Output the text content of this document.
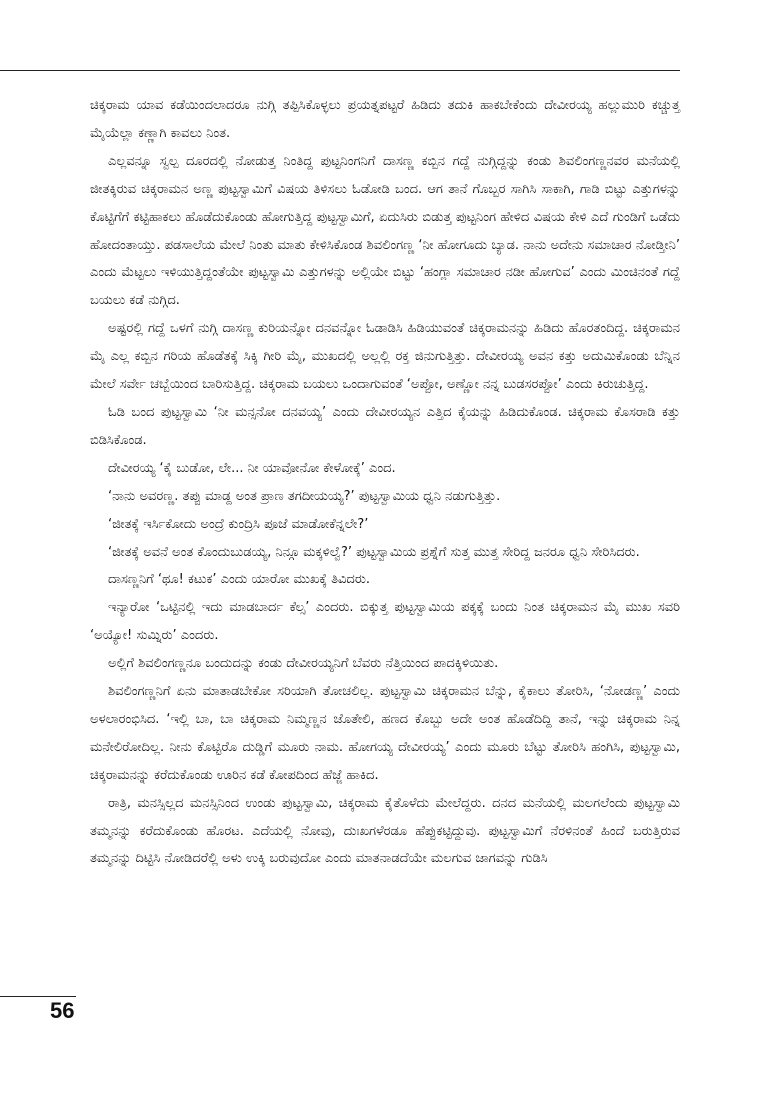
ಚಿಕ್ಕರಾಮ ಯಾವ ಕಡೆಯಿಂದಲಾದರೂ ನುಗ್ಗಿ ತಪ್ಪಿಸಿಕೊಳ್ಳಲು ಪ್ರಯತ್ನಪಟ್ಟರೆ ಹಿಡಿದು ತದುಕಿ ಹಾಕಬೇಕೆಂದು ದೇವೀರಯ್ಯ ಹಲ್ಲುಮುರಿ ಕಚ್ಚುತ್ತ ಮೈಯೆಲ್ಲಾ ಕಣ್ಣಾಗಿ ಕಾವಲು ನಿಂತ.

ಎಲ್ಲವನ್ನೂ ಸ್ವಲ್ಪ ದೂರದಲ್ಲಿ ನೋಡುತ್ತ ನಿಂತಿದ್ದ ಪುಟ್ಟನಿಂಗನಿಗೆ ದಾಸಣ್ಣ ಕಬ್ಬಿನ ಗದ್ದೆ ನುಗ್ಗಿದ್ದನ್ನು ಕಂಡು ಶಿವಲಿಂಗಣ್ಣನವರ ಮನೆಯಲ್ಲಿ ಜೀತಕ್ಕಿರುವ ಚಿಕ್ಕರಾಮನ ಅಣ್ಣ ಪುಟ್ಟಸ್ವಾಮಿಗೆ ವಿಷಯ ತಿಳಿಸಲು ಓಡೋಡಿ ಬಂದ. ಆಗ ತಾನೆ ಗೊಬ್ಬರ ಸಾಗಿಸಿ ಸಾಕಾಗಿ, ಗಾಡಿ ಬಿಟ್ಟು ಎತ್ತುಗಳನ್ನು ಕೊಟ್ಟಿಗೆಗೆ ಕಟ್ಟಿಹಾಕಲು ಹೊಡೆದುಕೊಂಡು ಹೋಗುತ್ತಿದ್ದ ಪುಟ್ಟಸ್ವಾಮಿಗೆ, ಏದುಸಿರು ಬಿಡುತ್ತ ಪುಟ್ಟನಿಂಗ ಹೇಳಿದ ವಿಷಯ ಕೇಳಿ ಎದೆ ಗುಂಡಿಗೆ ಒಡೆದು ಹೋದಂತಾಯ್ತು. ಪಡಸಾಲೆಯ ಮೇಲೆ ನಿಂತು ಮಾತು ಕೇಳಿಸಿಕೊಂಡ ಶಿವಲಿಂಗಣ್ಣ ‘ನೀ ಹೋಗೂದು ಬ್ಯಾಡ. ನಾನು ಅದೇನು ಸಮಾಚಾರ ನೋಡ್ತೀನಿ’ ಎಂದು ಮೆಟ್ಟಲು ಇಳಿಯುತ್ತಿದ್ದಂತೆಯೇ ಪುಟ್ಟಸ್ವಾಮಿ ಎತ್ತುಗಳನ್ನು ಅಲ್ಲಿಯೇ ಬಿಟ್ಟು ‘ಹಂಗ್ಲಾ ಸಮಾಚಾರ ನಡೀ ಹೋಗುವ’ ಎಂದು ಮಿಂಚಿನಂತೆ ಗದ್ದೆ ಬಯಲು ಕಡೆ ನುಗ್ಗಿದ.

ಅಷ್ಟರಲ್ಲಿ ಗದ್ದೆ ಒಳಗೆ ನುಗ್ಗಿ ದಾಸಣ್ಣ ಕುರಿಯನ್ನೋ ದನವನ್ನೋ ಓಡಾಡಿಸಿ ಹಿಡಿಯುವಂತೆ ಚಿಕ್ಕರಾಮನನ್ನು ಹಿಡಿದು ಹೊರತಂದಿದ್ದ. ಚಿಕ್ಕರಾಮನ ಮೈ ಎಲ್ಲ ಕಬ್ಬಿನ ಗರಿಯ ಹೊಡೆತಕ್ಕೆ ಸಿಕ್ಕಿ ಗೀರಿ ಮೈ, ಮುಖದಲ್ಲಿ ಅಲ್ಲಲ್ಲಿ ರಕ್ತ ಜಿನುಗುತ್ತಿತ್ತು. ದೇವೀರಯ್ಯ ಅವನ ಕತ್ತು ಅದುಮಿಕೊಂಡು ಬೆನ್ನಿನ ಮೇಲೆ ಸರ್ವೇ ಚಬ್ಬೆಯಿಂದ ಬಾರಿಸುತ್ತಿದ್ದ. ಚಿಕ್ಕರಾಮ ಬಯಲು ಒಂದಾಗುವಂತೆ ‘ಅಪ್ಪೋ, ಅಣ್ಣೋ ನನ್ನ ಬುಡಸರಪ್ಪೋ’ ಎಂದು ಕಿರುಚುತ್ತಿದ್ದ.

ಓಡಿ ಬಂದ ಪುಟ್ಟಸ್ವಾಮಿ ‘ನೀ ಮನ್ಸನೋ ದನವಯ್ಯ’ ಎಂದು ದೇವೀರಯ್ಯನ ಎತ್ತಿದ ಕೈಯನ್ನು ಹಿಡಿದುಕೊಂಡ. ಚಿಕ್ಕರಾಮ ಕೊಸರಾಡಿ ಕತ್ತು ಬಿಡಿಸಿಕೊಂಡ.

ದೇವೀರಯ್ಯ ‘ಕೈ ಬುಡೋ, ಲೇ... ನೀ ಯಾವೋನೋ ಕೇಳೋಕ್ಕೆ’ ಎಂದ.

‘ನಾನು ಅವರಣ್ಣ. ತಪ್ಪು ಮಾಡ್ದ ಅಂತ ಪ್ರಾಣ ತಗದೀಯಯ್ಯ?’ ಪುಟ್ಟಸ್ವಾಮಿಯ ಧ್ವನಿ ನಡುಗುತ್ತಿತ್ತು.

‘ಜೀತಕ್ಕೆ ಇರ್ಸಿಕೋದು ಅಂದ್ರೆ ಕುಂದ್ರಿಸಿ ಪೂಜೆ ಮಾಡೋಕೆನ್ನಲೇ?’

‘ಜೀತಕ್ಕೆ ಅವನೆ ಅಂತ ಕೊಂದುಬುಡಯ್ಯ, ನಿನ್ಗೂ ಮಕ್ಕಳಿಲ್ವೆ?’ ಪುಟ್ಟಸ್ವಾಮಿಯ ಪ್ರಶ್ನೆಗೆ ಸುತ್ತ ಮುತ್ತ ಸೇರಿದ್ದ ಜನರೂ ಧ್ವನಿ ಸೇರಿಸಿದರು.

ದಾಸಣ್ಣನಿಗೆ ‘ಥೂ! ಕಟುಕ’ ಎಂದು ಯಾರೋ ಮುಖಕ್ಕೆ ತಿವಿದರು.

ಇನ್ಯಾರೋ ‘ಒಟ್ಟಿನಲ್ಲಿ ಇದು ಮಾಡಬಾರ್ದ ಕೆಲ್ಸ’ ಎಂದರು. ಬಿಕ್ಕುತ್ತ ಪುಟ್ಟಸ್ವಾಮಿಯ ಪಕ್ಕಕ್ಕೆ ಬಂದು ನಿಂತ ಚಿಕ್ಕರಾಮನ ಮೈ ಮುಖ ಸವರಿ ‘ಅಯ್ಯೋ! ಸುಮ್ನಿರು’ ಎಂದರು.

ಅಲ್ಲಿಗೆ ಶಿವಲಿಂಗಣ್ಣನೂ ಬಂದುದನ್ನು ಕಂಡು ದೇವೀರಯ್ಯನಿಗೆ ಬೆವರು ನೆತ್ತಿಯಿಂದ ಪಾದಕ್ಕಿಳಿಯಿತು.

ಶಿವಲಿಂಗಣ್ಣನಿಗೆ ಏನು ಮಾತಾಡಬೇಕೋ ಸರಿಯಾಗಿ ತೋಚಲಿಲ್ಲ. ಪುಟ್ಟಸ್ವಾಮಿ ಚಿಕ್ಕರಾಮನ ಬೆನ್ನು, ಕೈಕಾಲು ತೋರಿಸಿ, ‘ನೋಡಣ್ಣ’ ಎಂದು ಅಳಲಾರಂಭಿಸಿದ. ‘ಇಲ್ಲಿ ಬಾ, ಬಾ ಚಿಕ್ಕರಾಮ ನಿಮ್ಮಣ್ಣನ ಜೊತೇಲಿ, ಹಣದ ಕೊಬ್ಬು ಅದೇ ಅಂತ ಹೊಡೆದಿದ್ದಿ ತಾನೆ, ಇನ್ನು ಚಿಕ್ಕರಾಮ ನಿನ್ನ ಮನೇಲಿರೋದಿಲ್ಲ. ನೀನು ಕೊಟ್ಟಿರೊ ದುಡ್ಡಿಗೆ ಮೂರು ನಾಮ. ಹೋಗಯ್ಯ ದೇವೀರಯ್ಯ’ ಎಂದು ಮೂರು ಬೆಟ್ಟು ತೋರಿಸಿ ಹಂಗಿಸಿ, ಪುಟ್ಟಸ್ವಾಮಿ, ಚಿಕ್ಕರಾಮನನ್ನು ಕರೆದುಕೊಂಡು ಊರಿನ ಕಡೆ ಕೋಪದಿಂದ ಹೆಜ್ಜೆ ಹಾಕಿದ.

ರಾತ್ರಿ, ಮನಸ್ಸಿಲ್ಲದ ಮನಸ್ಸಿನಿಂದ ಉಂಡು ಪುಟ್ಟಸ್ವಾಮಿ, ಚಿಕ್ಕರಾಮ ಕೈತೊಳೆದು ಮೇಲೆದ್ದರು. ದನದ ಮನೆಯಲ್ಲಿ ಮಲಗಲೆಂದು ಪುಟ್ಟಸ್ವಾಮಿ ತಮ್ಮನನ್ನು ಕರೆದುಕೊಂಡು ಹೊರಟ. ಎದೆಯಲ್ಲಿ ನೋವು, ದುಃಖಗಳೆರಡೂ ಹೆಪ್ಪುಕಟ್ಟಿದ್ದುವು. ಪುಟ್ಟಸ್ವಾಮಿಗೆ ನೆರಳಿನಂತೆ ಹಿಂದೆ ಬರುತ್ತಿರುವ ತಮ್ಮನನ್ನು ದಿಟ್ಟಿಸಿ ನೋಡಿದರೆಲ್ಲಿ ಅಳು ಉಕ್ಕಿ ಬರುವುದೋ ಎಂದು ಮಾತನಾಡದೆಯೇ ಮಲಗುವ ಜಾಗವನ್ನು ಗುಡಿಸಿ

56
